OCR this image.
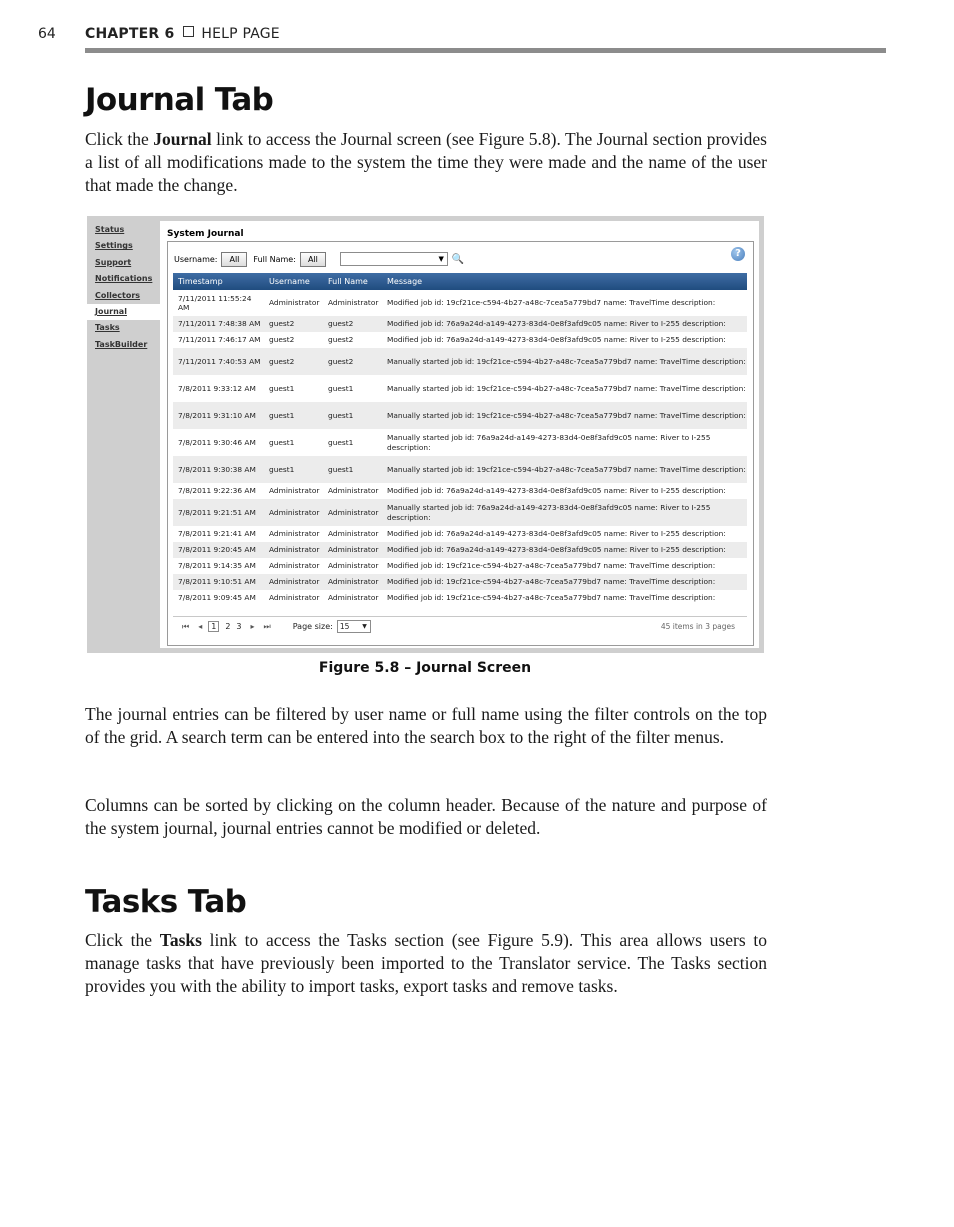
64 CHAPTER 6 HELP PAGE
Journal Tab

Click the Journal link to access the Journal screen (see Figure 5.8). The Journal section provides a list of all modifications made to the system the time they were made and the name of the user that made the change.

Status
Settings
Support
Notifications
Collectors
Journal
Tasks
TaskBuilder
System Journal
Username:	All	Full Name:	All	▼ 🔍	?
Timestamp	Username	Full Name	Message
7/11/2011 11:55:24 AM	Administrator	Administrator	Modified job id: 19cf21ce-c594-4b27-a48c-7cea5a779bd7 name: TravelTime description:
7/11/2011 7:48:38 AM	guest2	guest2	Modified job id: 76a9a24d-a149-4273-83d4-0e8f3afd9c05 name: River to I-255 description:
7/11/2011 7:46:17 AM	guest2	guest2	Modified job id: 76a9a24d-a149-4273-83d4-0e8f3afd9c05 name: River to I-255 description:
7/11/2011 7:40:53 AM	guest2	guest2	Manually started job id: 19cf21ce-c594-4b27-a48c-7cea5a779bd7 name: TravelTime description:
7/8/2011 9:33:12 AM	guest1	guest1	Manually started job id: 19cf21ce-c594-4b27-a48c-7cea5a779bd7 name: TravelTime description:
7/8/2011 9:31:10 AM	guest1	guest1	Manually started job id: 19cf21ce-c594-4b27-a48c-7cea5a779bd7 name: TravelTime description:
7/8/2011 9:30:46 AM	guest1	guest1	Manually started job id: 76a9a24d-a149-4273-83d4-0e8f3afd9c05 name: River to I-255 description:
7/8/2011 9:30:38 AM	guest1	guest1	Manually started job id: 19cf21ce-c594-4b27-a48c-7cea5a779bd7 name: TravelTime description:
7/8/2011 9:22:36 AM	Administrator	Administrator	Modified job id: 76a9a24d-a149-4273-83d4-0e8f3afd9c05 name: River to I-255 description:
7/8/2011 9:21:51 AM	Administrator	Administrator	Manually started job id: 76a9a24d-a149-4273-83d4-0e8f3afd9c05 name: River to I-255 description:
7/8/2011 9:21:41 AM	Administrator	Administrator	Modified job id: 76a9a24d-a149-4273-83d4-0e8f3afd9c05 name: River to I-255 description:
7/8/2011 9:20:45 AM	Administrator	Administrator	Modified job id: 76a9a24d-a149-4273-83d4-0e8f3afd9c05 name: River to I-255 description:
7/8/2011 9:14:35 AM	Administrator	Administrator	Modified job id: 19cf21ce-c594-4b27-a48c-7cea5a779bd7 name: TravelTime description:
7/8/2011 9:10:51 AM	Administrator	Administrator	Modified job id: 19cf21ce-c594-4b27-a48c-7cea5a779bd7 name: TravelTime description:
7/8/2011 9:09:45 AM	Administrator	Administrator	Modified job id: 19cf21ce-c594-4b27-a48c-7cea5a779bd7 name: TravelTime description:
⏮ ◂	1	2 3 ▸ ⏭	Page size: 15 ▼	45 items in 3 pages
Figure 5.8 – Journal Screen

The journal entries can be filtered by user name or full name using the filter controls on the top of the grid. A search term can be entered into the search box to the right of the filter menus.

Columns can be sorted by clicking on the column header. Because of the nature and purpose of the system journal, journal entries cannot be modified or deleted.

Tasks Tab

Click the Tasks link to access the Tasks section (see Figure 5.9). This area allows users to manage tasks that have previously been imported to the Translator service. The Tasks section provides you with the ability to import tasks, export tasks and remove tasks.
